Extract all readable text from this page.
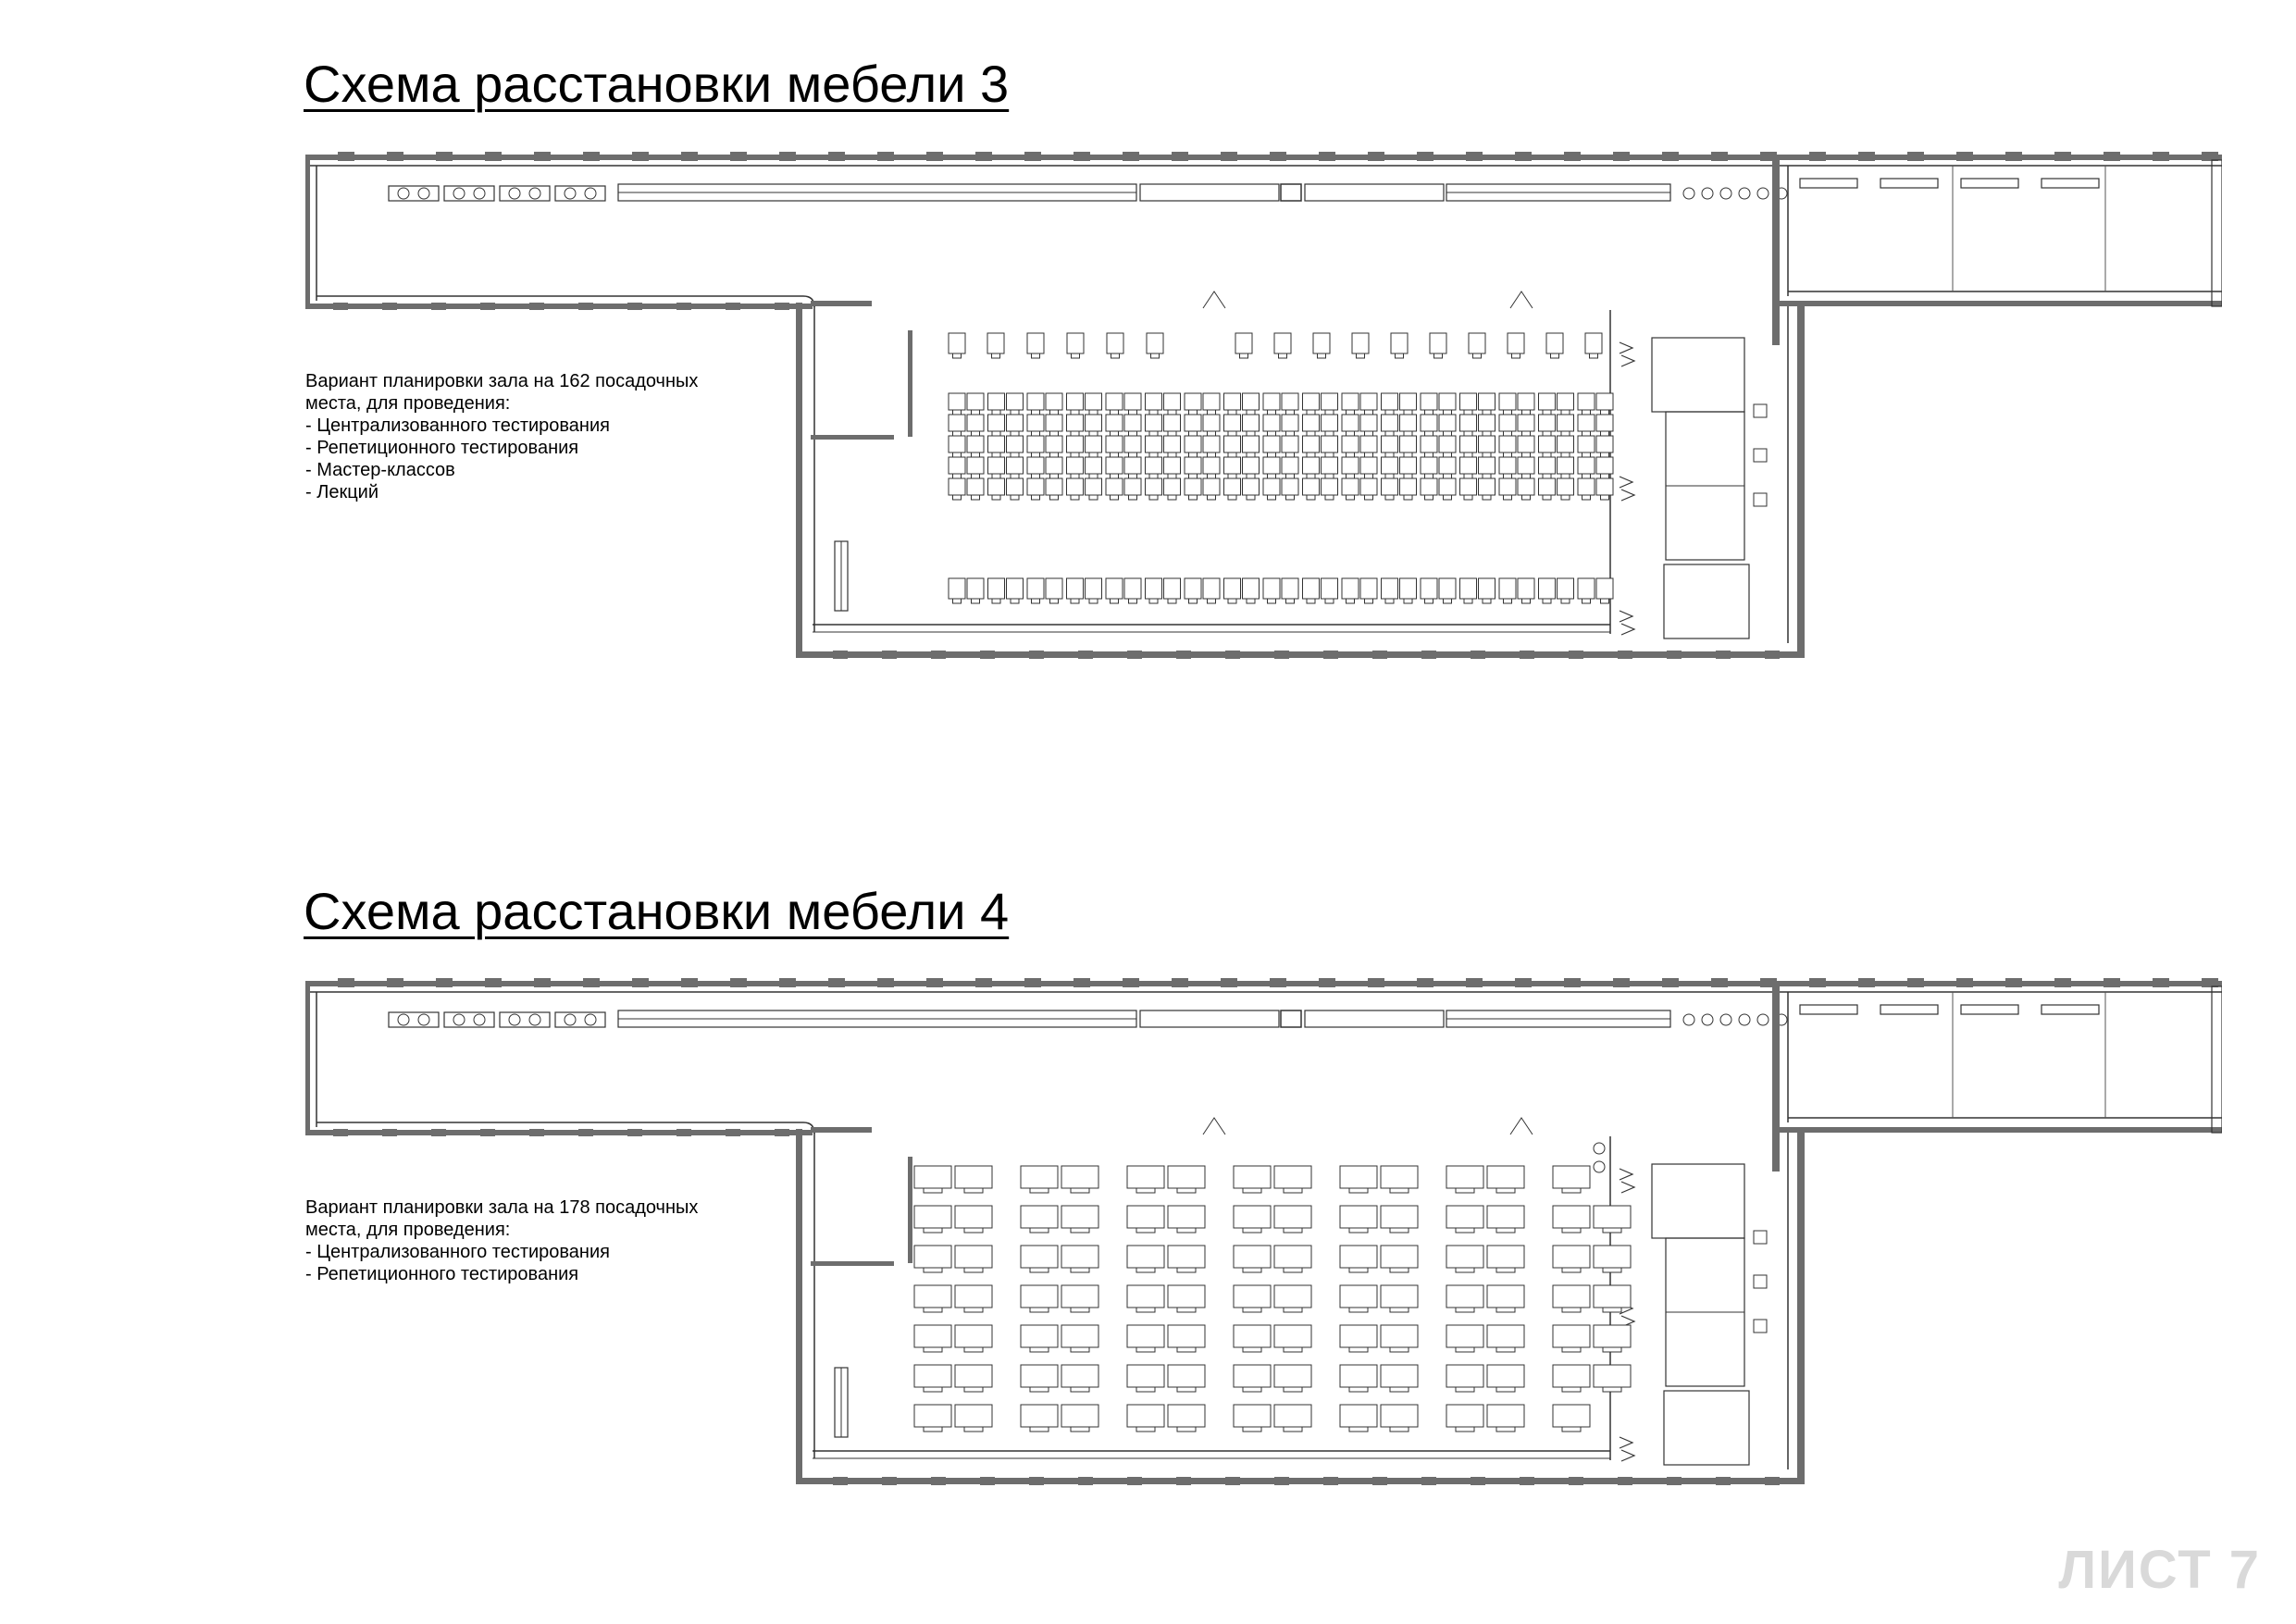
Схема расстановки мебели 3
Вариант планировки зала на 162 посадочных
места, для проведения:
- Централизованного тестирования
- Репетиционного тестирования
- Мастер-классов
- Лекций
Схема расстановки мебели 4
Вариант планировки зала на 178 посадочных
места, для проведения:
- Централизованного тестирования
- Репетиционного тестирования
ЛИСТ 7
